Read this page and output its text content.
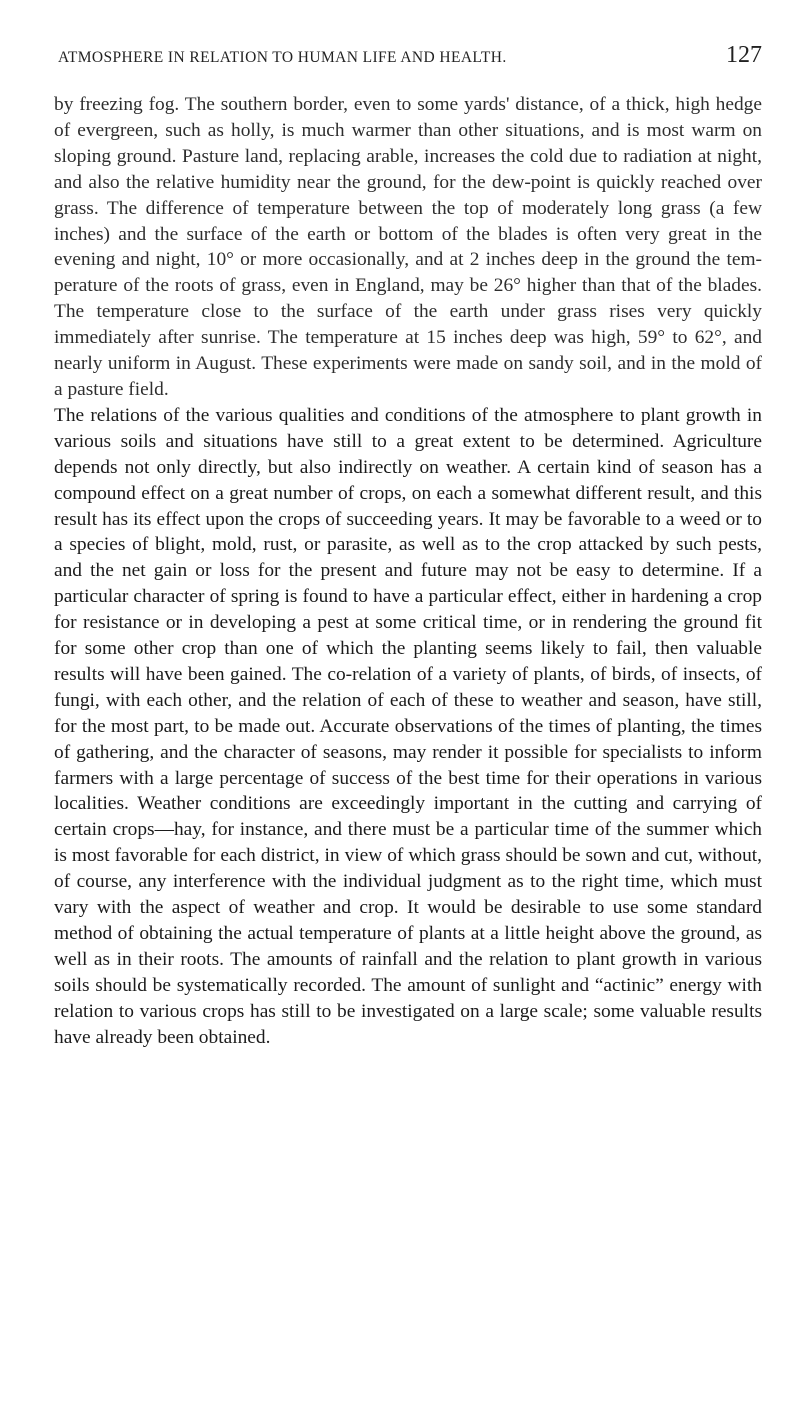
ATMOSPHERE IN RELATION TO HUMAN LIFE AND HEALTH.	127

by freezing fog. The southern border, even to some yards' distance, of a thick, high hedge of evergreen, such as holly, is much warmer than other situations, and is most warm on sloping ground. Pasture land, replacing arable, increases the cold due to radiation at night, and also the relative humidity near the ground, for the dew-point is quickly reached over grass. The difference of temperature between the top of moderately long grass (a few inches) and the surface of the earth or bottom of the blades is often very great in the evening and night, 10° or more occasionally, and at 2 inches deep in the ground the temperature of the roots of grass, even in England, may be 26° higher than that of the blades. The temperature close to the surface of the earth under grass rises very quickly immediately after sunrise. The temperature at 15 inches deep was high, 59° to 62°, and nearly uniform in August. These experiments were made on sandy soil, and in the mold of a pasture field.

The relations of the various qualities and conditions of the atmosphere to plant growth in various soils and situations have still to a great extent to be determined. Agriculture depends not only directly, but also indirectly on weather. A certain kind of season has a compound effect on a great number of crops, on each a somewhat different result, and this result has its effect upon the crops of succeeding years. It may be favorable to a weed or to a species of blight, mold, rust, or parasite, as well as to the crop attacked by such pests, and the net gain or loss for the present and future may not be easy to determine. If a particular character of spring is found to have a particular effect, either in hardening a crop for resistance or in developing a pest at some critical time, or in rendering the ground fit for some other crop than one of which the planting seems likely to fail, then valuable results will have been gained. The co-relation of a variety of plants, of birds, of insects, of fungi, with each other, and the relation of each of these to weather and season, have still, for the most part, to be made out. Accurate observations of the times of planting, the times of gathering, and the character of seasons, may render it possible for specialists to inform farmers with a large percentage of success of the best time for their operations in various localities. Weather conditions are exceedingly important in the cutting and carrying of certain crops—hay, for instance, and there must be a particular time of the summer which is most favorable for each district, in view of which grass should be sown and cut, without, of course, any interference with the individual judgment as to the right time, which must vary with the aspect of weather and crop. It would be desirable to use some standard method of obtaining the actual temperature of plants at a little height above the ground, as well as in their roots. The amounts of rainfall and the relation to plant growth in various soils should be systematically recorded. The amount of sunlight and “actinic” energy with relation to various crops has still to be investigated on a large scale; some valuable results have already been obtained.
